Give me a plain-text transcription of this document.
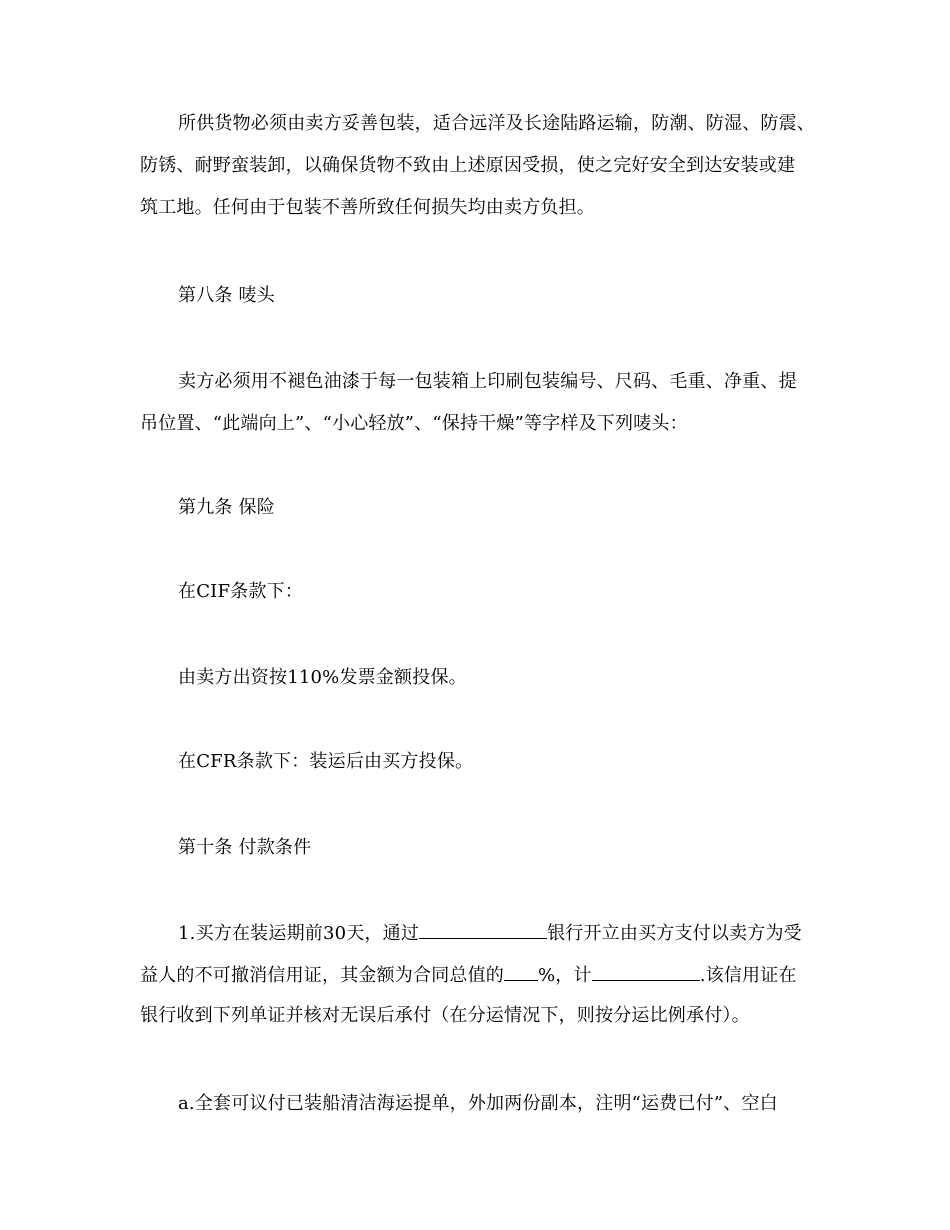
所供货物必须由卖方妥善包装，适合远洋及长途陆路运输，防潮、防湿、防震、
防锈、耐野蛮装卸，以确保货物不致由上述原因受损，使之完好安全到达安装或建
筑工地。任何由于包装不善所致任何损失均由卖方负担。
第八条 唛头
卖方必须用不褪色油漆于每一包装箱上印刷包装编号、尺码、毛重、净重、提
吊位置、“此端向上”、“小心轻放”、“保持干燥”等字样及下列唛头：
第九条 保险
在CIF条款下：
由卖方出资按110%发票金额投保。
在CFR条款下：装运后由买方投保。
第十条 付款条件
1.买方在装运期前30天，通过	银行开立由买方支付以卖方为受
益人的不可撤消信用证，其金额为合同总值的 %，计	.该信用证在
银行收到下列单证并核对无误后承付（在分运情况下，则按分运比例承付）。
a.全套可议付已装船清洁海运提单，外加两份副本，注明“运费已付”、空白
